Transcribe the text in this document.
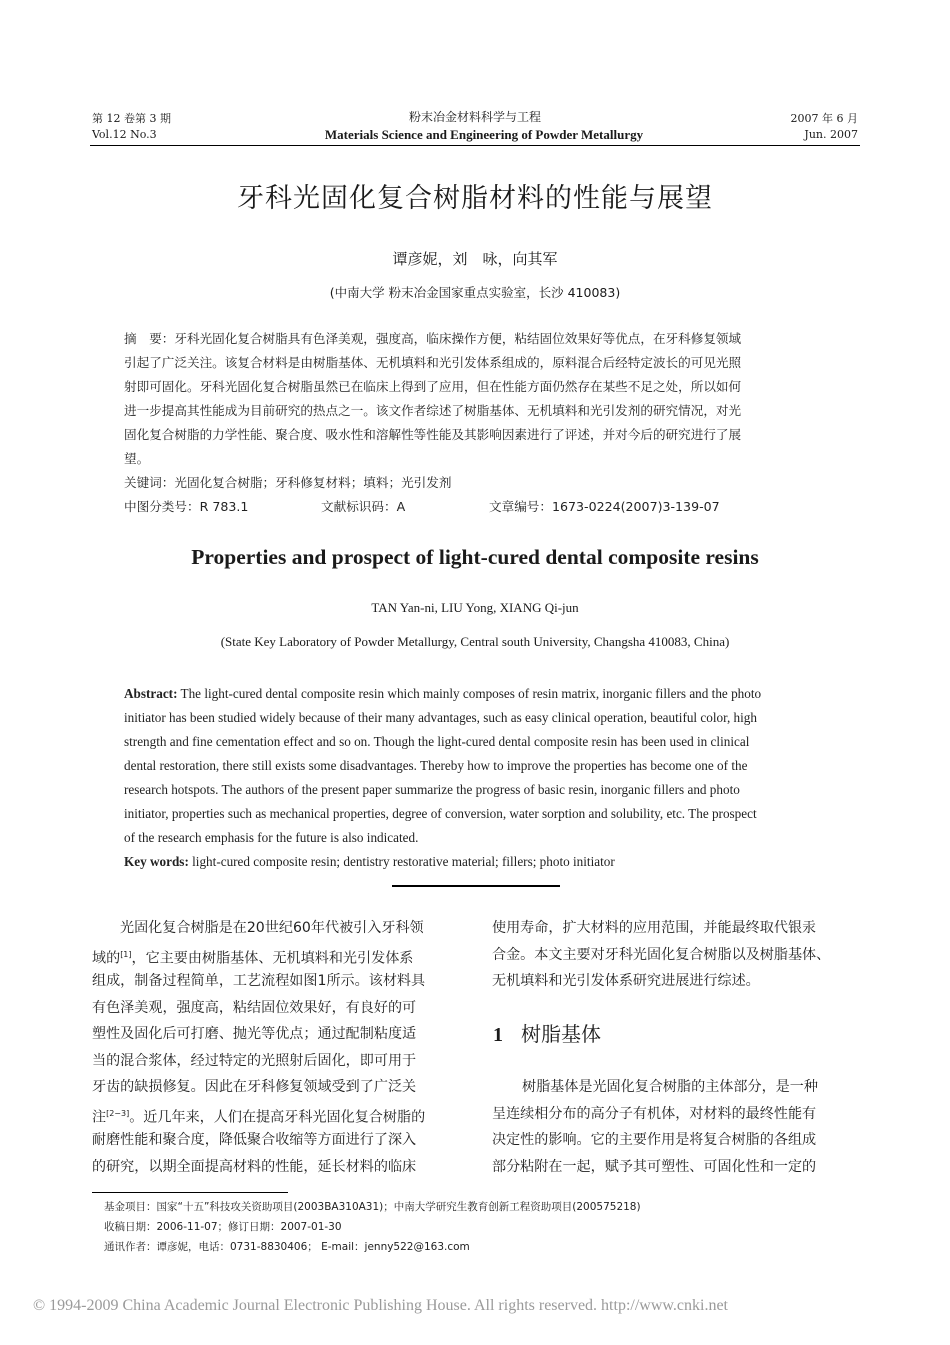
第 12 卷第 3 期
Vol.12 No.3
粉末冶金材料科学与工程
Materials Science and Engineering of Powder Metallurgy
2007 年 6 月
Jun. 2007
牙科光固化复合树脂材料的性能与展望
谭彦妮，刘　咏，向其军
(中南大学 粉末冶金国家重点实验室，长沙 410083)
摘　要：牙科光固化复合树脂具有色泽美观，强度高，临床操作方便，粘结固位效果好等优点，在牙科修复领域
引起了广泛关注。该复合材料是由树脂基体、无机填料和光引发体系组成的，原料混合后经特定波长的可见光照
射即可固化。牙科光固化复合树脂虽然已在临床上得到了应用，但在性能方面仍然存在某些不足之处，所以如何
进一步提高其性能成为目前研究的热点之一。该文作者综述了树脂基体、无机填料和光引发剂的研究情况，对光
固化复合树脂的力学性能、聚合度、吸水性和溶解性等性能及其影响因素进行了评述，并对今后的研究进行了展
望。
关键词：光固化复合树脂；牙科修复材料；填料；光引发剂
中图分类号：R 783.1	文献标识码：A	文章编号：1673-0224(2007)3-139-07
Properties and prospect of light-cured dental composite resins
TAN Yan-ni, LIU Yong, XIANG Qi-jun
(State Key Laboratory of Powder Metallurgy, Central south University, Changsha 410083, China)
Abstract: The light-cured dental composite resin which mainly composes of resin matrix, inorganic fillers and the photo
initiator has been studied widely because of their many advantages, such as easy clinical operation, beautiful color, high
strength and fine cementation effect and so on. Though the light-cured dental composite resin has been used in clinical
dental restoration, there still exists some disadvantages. Thereby how to improve the properties has become one of the
research hotspots. The authors of the present paper summarize the progress of basic resin, inorganic fillers and photo
initiator, properties such as mechanical properties, degree of conversion, water sorption and solubility, etc. The prospect
of the research emphasis for the future is also indicated.
Key words: light-cured composite resin; dentistry restorative material; fillers; photo initiator
光固化复合树脂是在20世纪60年代被引入牙科领
域的[1]，它主要由树脂基体、无机填料和光引发体系
组成，制备过程简单，工艺流程如图1所示。该材料具
有色泽美观，强度高，粘结固位效果好，有良好的可
塑性及固化后可打磨、抛光等优点；通过配制粘度适
当的混合浆体，经过特定的光照射后固化，即可用于
牙齿的缺损修复。因此在牙科修复领域受到了广泛关
注[2−3]。近几年来，人们在提高牙科光固化复合树脂的
耐磨性能和聚合度，降低聚合收缩等方面进行了深入
的研究，以期全面提高材料的性能，延长材料的临床
使用寿命，扩大材料的应用范围，并能最终取代银汞
合金。本文主要对牙科光固化复合树脂以及树脂基体、
无机填料和光引发体系研究进展进行综述。
1 树脂基体
树脂基体是光固化复合树脂的主体部分，是一种
呈连续相分布的高分子有机体，对材料的最终性能有
决定性的影响。它的主要作用是将复合树脂的各组成
部分粘附在一起，赋予其可塑性、可固化性和一定的
基金项目：国家“十五”科技攻关资助项目(2003BA310A31)；中南大学研究生教育创新工程资助项目(200575218)
收稿日期：2006-11-07；修订日期：2007-01-30
通讯作者：谭彦妮，电话：0731-8830406； E-mail：jenny522@163.com
© 1994-2009 China Academic Journal Electronic Publishing House. All rights reserved. http://www.cnki.net
